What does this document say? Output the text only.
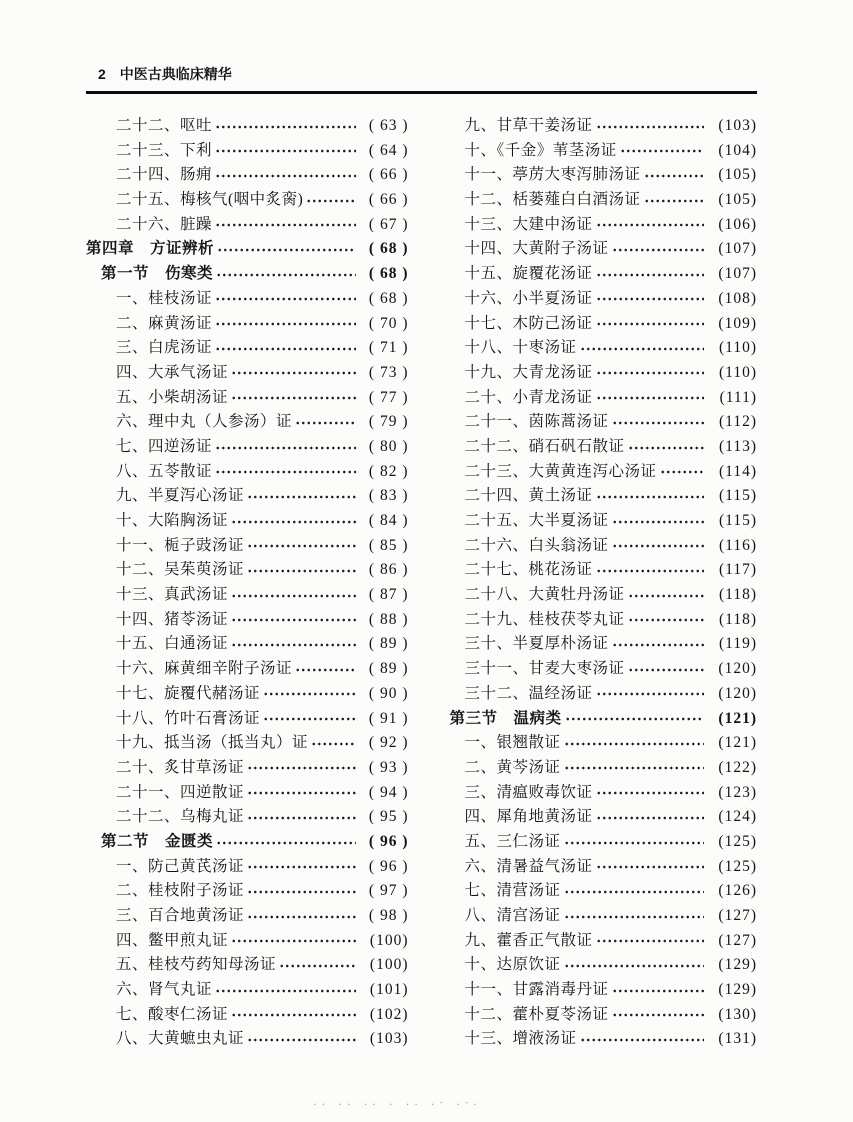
2 中医古典临床精华
二十二、呕吐	( 63 )
二十三、下利	( 64 )
二十四、肠痈	( 66 )
二十五、梅核气(咽中炙脔)	( 66 )
二十六、脏躁	( 67 )
第四章　方证辨析	( 68 )
第一节　伤寒类	( 68 )
一、桂枝汤证	( 68 )
二、麻黄汤证	( 70 )
三、白虎汤证	( 71 )
四、大承气汤证	( 73 )
五、小柴胡汤证	( 77 )
六、理中丸（人参汤）证	( 79 )
七、四逆汤证	( 80 )
八、五苓散证	( 82 )
九、半夏泻心汤证	( 83 )
十、大陷胸汤证	( 84 )
十一、栀子豉汤证	( 85 )
十二、吴茱萸汤证	( 86 )
十三、真武汤证	( 87 )
十四、猪苓汤证	( 88 )
十五、白通汤证	( 89 )
十六、麻黄细辛附子汤证	( 89 )
十七、旋覆代赭汤证	( 90 )
十八、竹叶石膏汤证	( 91 )
十九、抵当汤（抵当丸）证	( 92 )
二十、炙甘草汤证	( 93 )
二十一、四逆散证	( 94 )
二十二、乌梅丸证	( 95 )
第二节　金匮类	( 96 )
一、防己黄芪汤证	( 96 )
二、桂枝附子汤证	( 97 )
三、百合地黄汤证	( 98 )
四、鳖甲煎丸证	(100)
五、桂枝芍药知母汤证	(100)
六、肾气丸证	(101)
七、酸枣仁汤证	(102)
八、大黄蟅虫丸证	(103)
九、甘草干姜汤证	(103)
十、《千金》苇茎汤证	(104)
十一、葶苈大枣泻肺汤证	(105)
十二、栝蒌薤白白酒汤证	(105)
十三、大建中汤证	(106)
十四、大黄附子汤证	(107)
十五、旋覆花汤证	(107)
十六、小半夏汤证	(108)
十七、木防己汤证	(109)
十八、十枣汤证	(110)
十九、大青龙汤证	(110)
二十、小青龙汤证	(111)
二十一、茵陈蒿汤证	(112)
二十二、硝石矾石散证	(113)
二十三、大黄黄连泻心汤证	(114)
二十四、黄土汤证	(115)
二十五、大半夏汤证	(115)
二十六、白头翁汤证	(116)
二十七、桃花汤证	(117)
二十八、大黄牡丹汤证	(118)
二十九、桂枝茯苓丸证	(118)
三十、半夏厚朴汤证	(119)
三十一、甘麦大枣汤证	(120)
三十二、温经汤证	(120)
第三节　温病类	(121)
一、银翘散证	(121)
二、黄芩汤证	(122)
三、清瘟败毒饮证	(123)
四、犀角地黄汤证	(124)
五、三仁汤证	(125)
六、清暑益气汤证	(125)
七、清营汤证	(126)
八、清宫汤证	(127)
九、藿香正气散证	(127)
十、达原饮证	(129)
十一、甘露消毒丹证	(129)
十二、藿朴夏苓汤证	(130)
十三、增液汤证	(131)
.. .. .. . .. .- .-.
